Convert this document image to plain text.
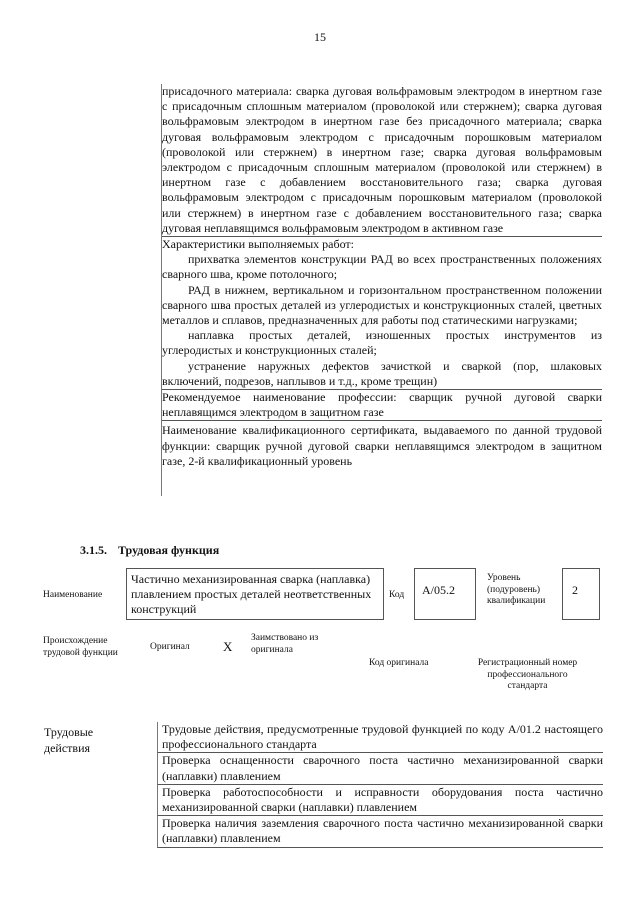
15

присадочного материала: сварка дуговая вольфрамовым электродом в инертном газе с присадочным сплошным материалом (проволокой или стержнем); сварка дуговая вольфрамовым электродом в инертном газе без присадочного материала; сварка дуговая вольфрамовым электродом с присадочным порошковым материалом (проволокой или стержнем) в инертном газе; сварка дуговая вольфрамовым электродом с присадочным сплошным материалом (проволокой или стержнем) в инертном газе с добавлением восстановительного газа; сварка дуговая вольфрамовым электродом с присадочным порошковым материалом (проволокой или стержнем) в инертном газе с добавлением восстановительного газа; сварка дуговая неплавящимся вольфрамовым электродом в активном газе

Характеристики выполняемых работ:

прихватка элементов конструкции РАД во всех пространственных положениях сварного шва, кроме потолочного;

РАД в нижнем, вертикальном и горизонтальном пространственном положении сварного шва простых деталей из углеродистых и конструкционных сталей, цветных металлов и сплавов, предназначенных для работы под статическими нагрузками;

наплавка простых деталей, изношенных простых инструментов из углеродистых и конструкционных сталей;

устранение наружных дефектов зачисткой и сваркой (пор, шлаковых включений, подрезов, наплывов и т.д., кроме трещин)

Рекомендуемое наименование профессии: сварщик ручной дуговой сварки неплавящимся электродом в защитном газе

Наименование квалификационного сертификата, выдаваемого по данной трудовой функции: сварщик ручной дуговой сварки неплавящимся электродом в защитном газе, 2-й квалификационный уровень

3.1.5. Трудовая функция
Наименование
Частично механизированная сварка (наплавка) плавлением простых деталей неответственных конструкций
Код	А/05.2
Уровень (подуровень) квалификации
2
Происхождение трудовой функции
Оригинал	Х
Заимствовано из оригинала
Код оригинала	Регистрационный номер профессионального стандарта
Трудовые действия
Трудовые действия, предусмотренные трудовой функцией по коду А/01.2 настоящего профессионального стандарта
Проверка оснащенности сварочного поста частично механизированной сварки (наплавки) плавлением
Проверка работоспособности и исправности оборудования поста частично механизированной сварки (наплавки) плавлением
Проверка наличия заземления сварочного поста частично механизированной сварки (наплавки) плавлением
